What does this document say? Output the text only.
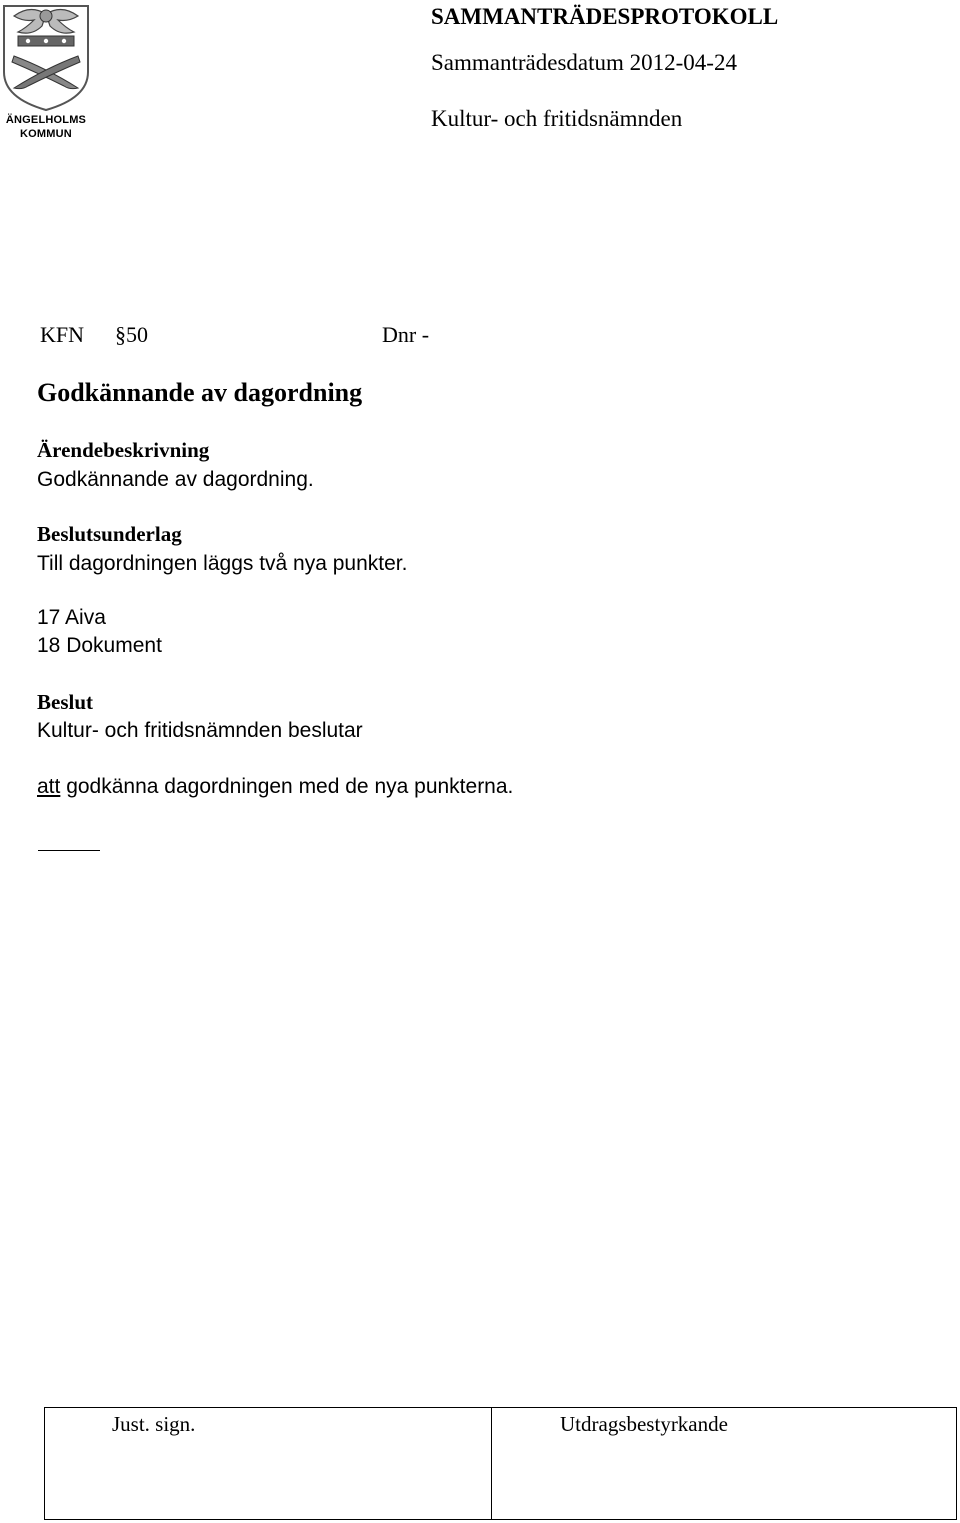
ÄNGELHOLMS
KOMMUN
SAMMANTRÄDESPROTOKOLL
Sammanträdesdatum 2012-04-24
Kultur- och fritidsnämnden
KFN §50	Dnr -
Godkännande av dagordning
Ärendebeskrivning
Godkännande av dagordning.
Beslutsunderlag
Till dagordningen läggs två nya punkter.
17 Aiva
18 Dokument
Beslut
Kultur- och fritidsnämnden beslutar
att godkänna dagordningen med de nya punkterna.
Just. sign.	Utdragsbestyrkande
